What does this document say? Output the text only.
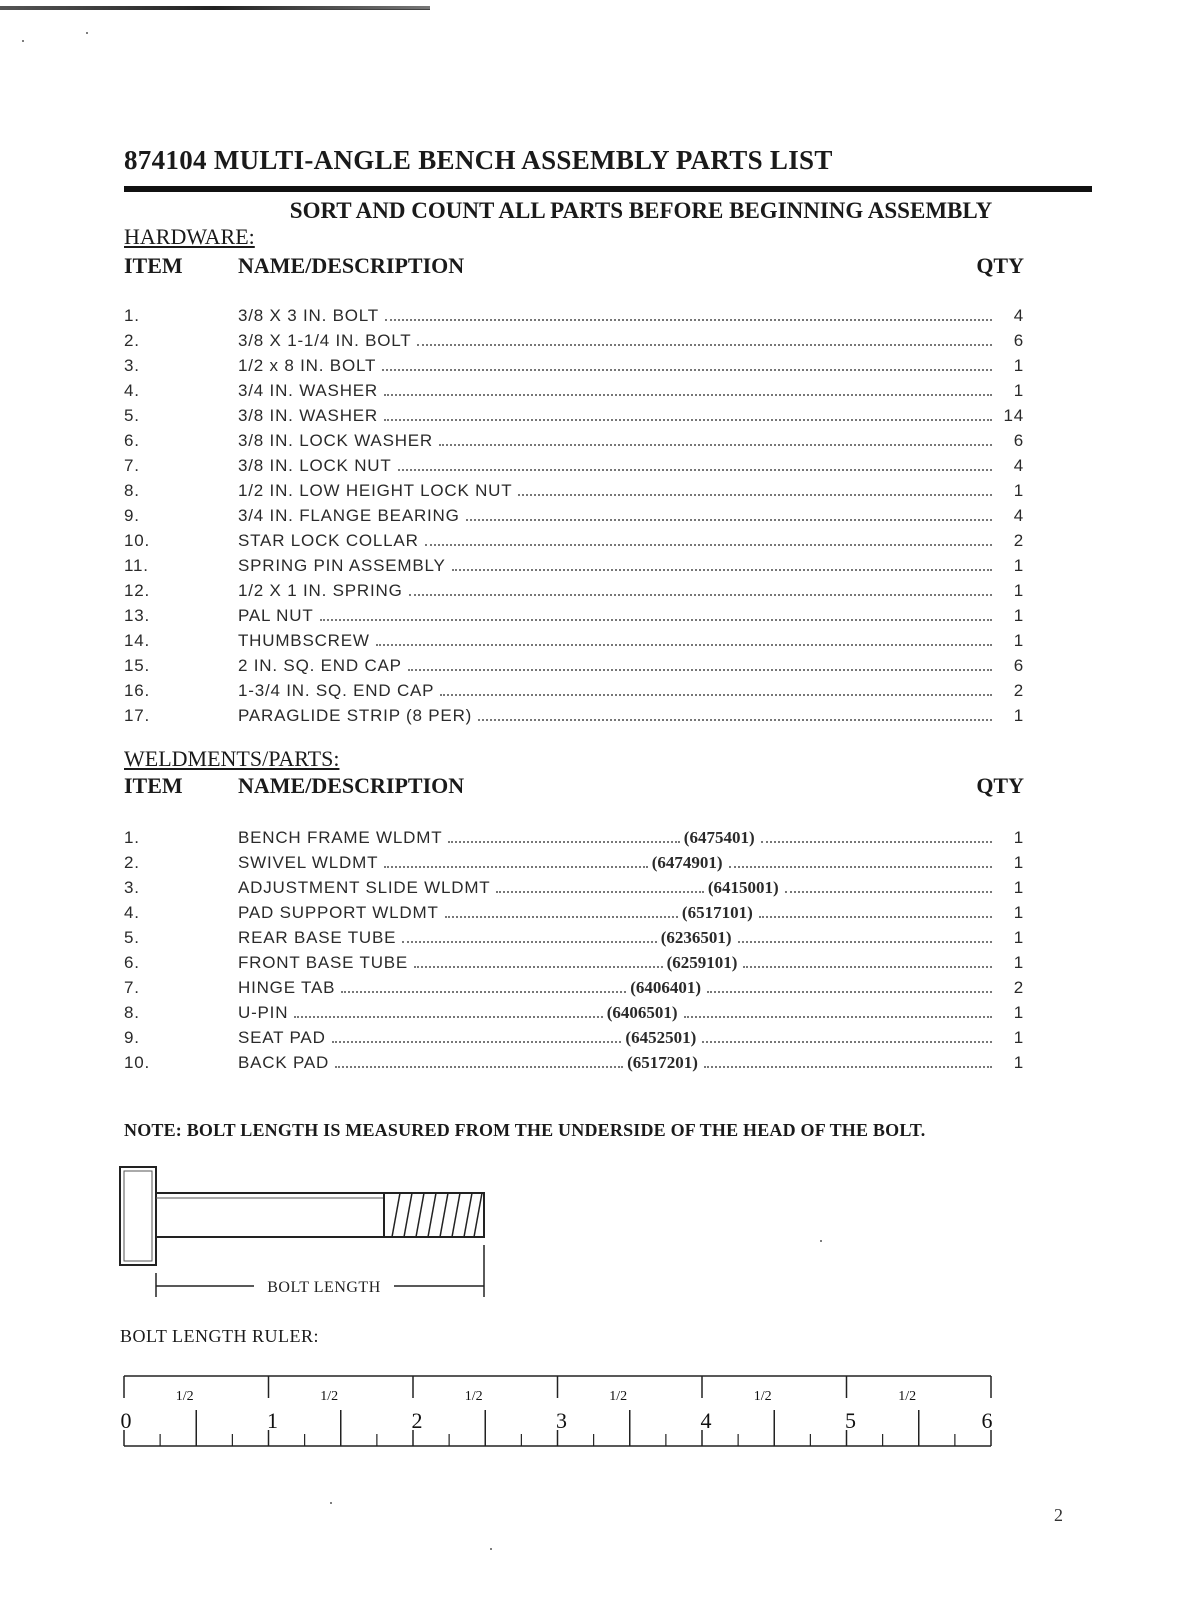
874104 MULTI-ANGLE BENCH ASSEMBLY PARTS LIST
SORT AND COUNT ALL PARTS BEFORE BEGINNING ASSEMBLY
HARDWARE:
ITEM	NAME/DESCRIPTION	QTY
1.	3/8 X 3 IN. BOLT	4
2.	3/8 X 1-1/4 IN. BOLT	6
3.	1/2 x 8 IN. BOLT	1
4.	3/4 IN. WASHER	1
5.	3/8 IN. WASHER	14
6.	3/8 IN. LOCK WASHER	6
7.	3/8 IN. LOCK NUT	4
8.	1/2 IN. LOW HEIGHT LOCK NUT	1
9.	3/4 IN. FLANGE BEARING	4
10.	STAR LOCK COLLAR	2
11.	SPRING PIN ASSEMBLY	1
12.	1/2 X 1 IN. SPRING	1
13.	PAL NUT	1
14.	THUMBSCREW	1
15.	2 IN. SQ. END CAP	6
16.	1-3/4 IN. SQ. END CAP	2
17.	PARAGLIDE STRIP (8 PER)	1
WELDMENTS/PARTS:
ITEM	NAME/DESCRIPTION	QTY
1.	BENCH FRAME WLDMT	(6475401)	1
2.	SWIVEL WLDMT	(6474901)	1
3.	ADJUSTMENT SLIDE WLDMT	(6415001)	1
4.	PAD SUPPORT WLDMT	(6517101)	1
5.	REAR BASE TUBE	(6236501)	1
6.	FRONT BASE TUBE	(6259101)	1
7.	HINGE TAB	(6406401)	2
8.	U-PIN	(6406501)	1
9.	SEAT PAD	(6452501)	1
10.	BACK PAD	(6517201)	1
NOTE: BOLT LENGTH IS MEASURED FROM THE UNDERSIDE OF THE HEAD OF THE BOLT.
BOLT LENGTH
BOLT LENGTH RULER:
0
1/2
1
1/2
2
1/2
3
1/2
4
1/2
5
1/2
6
2
